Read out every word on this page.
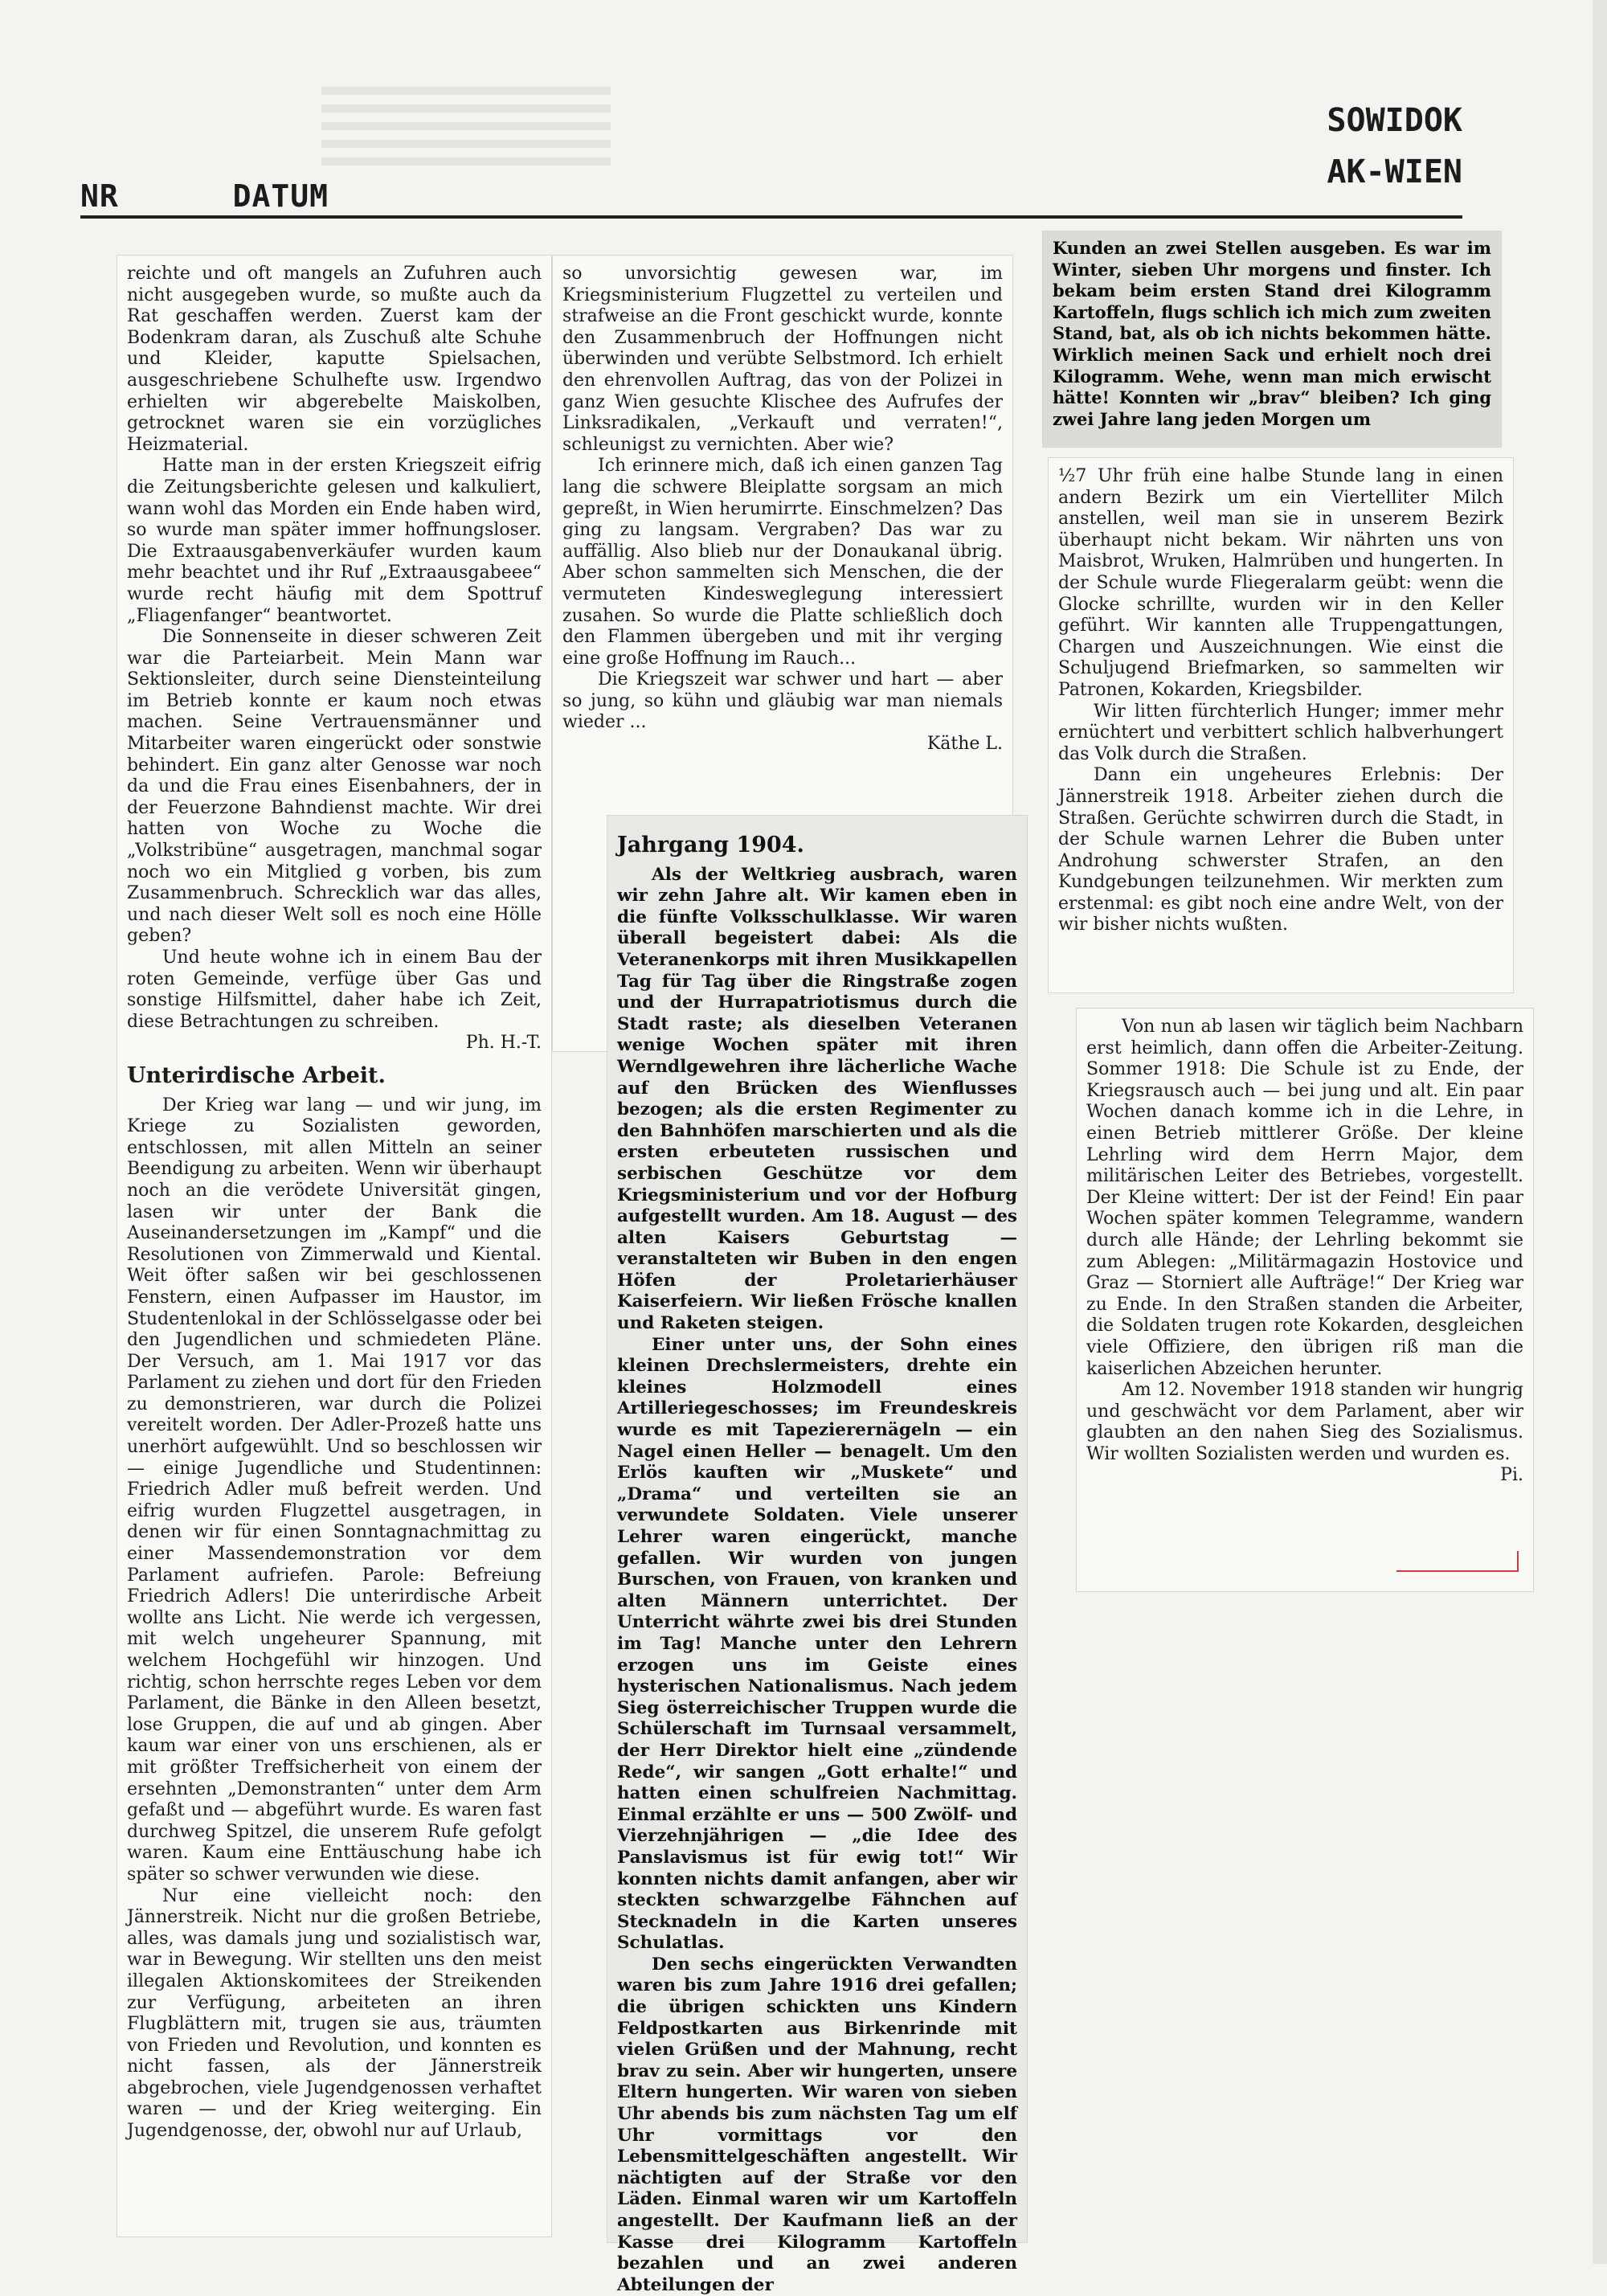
NR	DATUM
SOWIDOK
AK-WIEN

reichte und oft mangels an Zufuhren auch nicht ausgegeben wurde, so mußte auch da Rat geschaffen werden. Zuerst kam der Bodenkram daran, als Zuschuß alte Schuhe und Kleider, kaputte Spielsachen, ausgeschriebene Schulhefte usw. Irgendwo erhielten wir abgerebelte Maiskolben, getrocknet waren sie ein vorzügliches Heizmaterial.

Hatte man in der ersten Kriegszeit eifrig die Zeitungsberichte gelesen und kalkuliert, wann wohl das Morden ein Ende haben wird, so wurde man später immer hoffnungsloser. Die Extraausgabenverkäufer wurden kaum mehr beachtet und ihr Ruf „Extraausgabeee“ wurde recht häufig mit dem Spottruf „Fliagenfanger“ beantwortet.

Die Sonnenseite in dieser schweren Zeit war die Parteiarbeit. Mein Mann war Sektionsleiter, durch seine Diensteinteilung im Betrieb konnte er kaum noch etwas machen. Seine Vertrauensmänner und Mitarbeiter waren eingerückt oder sonstwie behindert. Ein ganz alter Genosse war noch da und die Frau eines Eisenbahners, der in der Feuerzone Bahndienst machte. Wir drei hatten von Woche zu Woche die „Volkstribüne“ ausgetragen, manchmal sogar noch wo ein Mitglied g vorben, bis zum Zusammenbruch. Schrecklich war das alles, und nach dieser Welt soll es noch eine Hölle geben?

Und heute wohne ich in einem Bau der roten Gemeinde, verfüge über Gas und sonstige Hilfsmittel, daher habe ich Zeit, diese Betrachtungen zu schreiben.

Ph. H.-T.

Unterirdische Arbeit.

Der Krieg war lang — und wir jung, im Kriege zu Sozialisten geworden, entschlossen, mit allen Mitteln an seiner Beendigung zu arbeiten. Wenn wir überhaupt noch an die verödete Universität gingen, lasen wir unter der Bank die Auseinandersetzungen im „Kampf“ und die Resolutionen von Zimmerwald und Kiental. Weit öfter saßen wir bei geschlossenen Fenstern, einen Aufpasser im Haustor, im Studentenlokal in der Schlösselgasse oder bei den Jugendlichen und schmiedeten Pläne. Der Versuch, am 1. Mai 1917 vor das Parlament zu ziehen und dort für den Frieden zu demonstrieren, war durch die Polizei vereitelt worden. Der Adler-Prozeß hatte uns unerhört aufgewühlt. Und so beschlossen wir — einige Jugendliche und Studentinnen: Friedrich Adler muß befreit werden. Und eifrig wurden Flugzettel ausgetragen, in denen wir für einen Sonntagnachmittag zu einer Massendemonstration vor dem Parlament aufriefen. Parole: Befreiung Friedrich Adlers! Die unterirdische Arbeit wollte ans Licht. Nie werde ich vergessen, mit welch ungeheurer Spannung, mit welchem Hochgefühl wir hinzogen. Und richtig, schon herrschte reges Leben vor dem Parlament, die Bänke in den Alleen besetzt, lose Gruppen, die auf und ab gingen. Aber kaum war einer von uns erschienen, als er mit größter Treffsicherheit von einem der ersehnten „Demonstranten“ unter dem Arm gefaßt und — abgeführt wurde. Es waren fast durchweg Spitzel, die unserem Rufe gefolgt waren. Kaum eine Enttäuschung habe ich später so schwer verwunden wie diese.

Nur eine vielleicht noch: den Jännerstreik. Nicht nur die großen Betriebe, alles, was damals jung und sozialistisch war, war in Bewegung. Wir stellten uns den meist illegalen Aktionskomitees der Streikenden zur Verfügung, arbeiteten an ihren Flugblättern mit, trugen sie aus, träumten von Frieden und Revolution, und konnten es nicht fassen, als der Jännerstreik abgebrochen, viele Jugendgenossen verhaftet waren — und der Krieg weiterging. Ein Jugendgenosse, der, obwohl nur auf Urlaub,

so unvorsichtig gewesen war, im Kriegsministerium Flugzettel zu verteilen und strafweise an die Front geschickt wurde, konnte den Zusammenbruch der Hoffnungen nicht überwinden und verübte Selbstmord. Ich erhielt den ehrenvollen Auftrag, das von der Polizei in ganz Wien gesuchte Klischee des Aufrufes der Linksradikalen, „Verkauft und verraten!“, schleunigst zu vernichten. Aber wie?

Ich erinnere mich, daß ich einen ganzen Tag lang die schwere Bleiplatte sorgsam an mich gepreßt, in Wien herumirrte. Einschmelzen? Das ging zu langsam. Vergraben? Das war zu auffällig. Also blieb nur der Donaukanal übrig. Aber schon sammelten sich Menschen, die der vermuteten Kindesweglegung interessiert zusahen. So wurde die Platte schließlich doch den Flammen übergeben und mit ihr verging eine große Hoffnung im Rauch...

Die Kriegszeit war schwer und hart — aber so jung, so kühn und gläubig war man niemals wieder ...

Käthe L.

Jahrgang 1904.

Als der Weltkrieg ausbrach, waren wir zehn Jahre alt. Wir kamen eben in die fünfte Volksschulklasse. Wir waren überall begeistert dabei: Als die Veteranenkorps mit ihren Musikkapellen Tag für Tag über die Ringstraße zogen und der Hurrapatriotismus durch die Stadt raste; als dieselben Veteranen wenige Wochen später mit ihren Werndlgewehren ihre lächerliche Wache auf den Brücken des Wienflusses bezogen; als die ersten Regimenter zu den Bahnhöfen marschierten und als die ersten erbeuteten russischen und serbischen Geschütze vor dem Kriegsministerium und vor der Hofburg aufgestellt wurden. Am 18. August — des alten Kaisers Geburtstag — veranstalteten wir Buben in den engen Höfen der Proletarierhäuser Kaiserfeiern. Wir ließen Frösche knallen und Raketen steigen.

Einer unter uns, der Sohn eines kleinen Drechslermeisters, drehte ein kleines Holzmodell eines Artilleriegeschosses; im Freundeskreis wurde es mit Tapezierernägeln — ein Nagel einen Heller — benagelt. Um den Erlös kauften wir „Muskete“ und „Drama“ und verteilten sie an verwundete Soldaten. Viele unserer Lehrer waren eingerückt, manche gefallen. Wir wurden von jungen Burschen, von Frauen, von kranken und alten Männern unterrichtet. Der Unterricht währte zwei bis drei Stunden im Tag! Manche unter den Lehrern erzogen uns im Geiste eines hysterischen Nationalismus. Nach jedem Sieg österreichischer Truppen wurde die Schülerschaft im Turnsaal versammelt, der Herr Direktor hielt eine „zündende Rede“, wir sangen „Gott erhalte!“ und hatten einen schulfreien Nachmittag. Einmal erzählte er uns — 500 Zwölf- und Vierzehnjährigen — „die Idee des Panslavismus ist für ewig tot!“ Wir konnten nichts damit anfangen, aber wir steckten schwarzgelbe Fähnchen auf Stecknadeln in die Karten unseres Schulatlas.

Den sechs eingerückten Verwandten waren bis zum Jahre 1916 drei gefallen; die übrigen schickten uns Kindern Feldpostkarten aus Birkenrinde mit vielen Grüßen und der Mahnung, recht brav zu sein. Aber wir hungerten, unsere Eltern hungerten. Wir waren von sieben Uhr abends bis zum nächsten Tag um elf Uhr vormittags vor den Lebensmittelgeschäften angestellt. Wir nächtigten auf der Straße vor den Läden. Einmal waren wir um Kartoffeln angestellt. Der Kaufmann ließ an der Kasse drei Kilogramm Kartoffeln bezahlen und an zwei anderen Abteilungen der

Kunden an zwei Stellen ausgeben. Es war im Winter, sieben Uhr morgens und finster. Ich bekam beim ersten Stand drei Kilogramm Kartoffeln, flugs schlich ich mich zum zweiten Stand, bat, als ob ich nichts bekommen hätte. Wirklich meinen Sack und erhielt noch drei Kilogramm. Wehe, wenn man mich erwischt hätte! Konnten wir „brav“ bleiben? Ich ging zwei Jahre lang jeden Morgen um

½7 Uhr früh eine halbe Stunde lang in einen andern Bezirk um ein Viertelliter Milch anstellen, weil man sie in unserem Bezirk überhaupt nicht bekam. Wir nährten uns von Maisbrot, Wruken, Halmrüben und hungerten. In der Schule wurde Fliegeralarm geübt: wenn die Glocke schrillte, wurden wir in den Keller geführt. Wir kannten alle Truppengattungen, Chargen und Auszeichnungen. Wie einst die Schuljugend Briefmarken, so sammelten wir Patronen, Kokarden, Kriegsbilder.

Wir litten fürchterlich Hunger; immer mehr ernüchtert und verbittert schlich halbverhungert das Volk durch die Straßen.

Dann ein ungeheures Erlebnis: Der Jännerstreik 1918. Arbeiter ziehen durch die Straßen. Gerüchte schwirren durch die Stadt, in der Schule warnen Lehrer die Buben unter Androhung schwerster Strafen, an den Kundgebungen teilzunehmen. Wir merkten zum erstenmal: es gibt noch eine andre Welt, von der wir bisher nichts wußten.

Von nun ab lasen wir täglich beim Nachbarn erst heimlich, dann offen die Arbeiter-Zeitung. Sommer 1918: Die Schule ist zu Ende, der Kriegsrausch auch — bei jung und alt. Ein paar Wochen danach komme ich in die Lehre, in einen Betrieb mittlerer Größe. Der kleine Lehrling wird dem Herrn Major, dem militärischen Leiter des Betriebes, vorgestellt. Der Kleine wittert: Der ist der Feind! Ein paar Wochen später kommen Telegramme, wandern durch alle Hände; der Lehrling bekommt sie zum Ablegen: „Militärmagazin Hostovice und Graz — Storniert alle Aufträge!“ Der Krieg war zu Ende. In den Straßen standen die Arbeiter, die Soldaten trugen rote Kokarden, desgleichen viele Offiziere, den übrigen riß man die kaiserlichen Abzeichen herunter.

Am 12. November 1918 standen wir hungrig und geschwächt vor dem Parlament, aber wir glaubten an den nahen Sieg des Sozialismus. Wir wollten Sozialisten werden und wurden es.

Pi.
